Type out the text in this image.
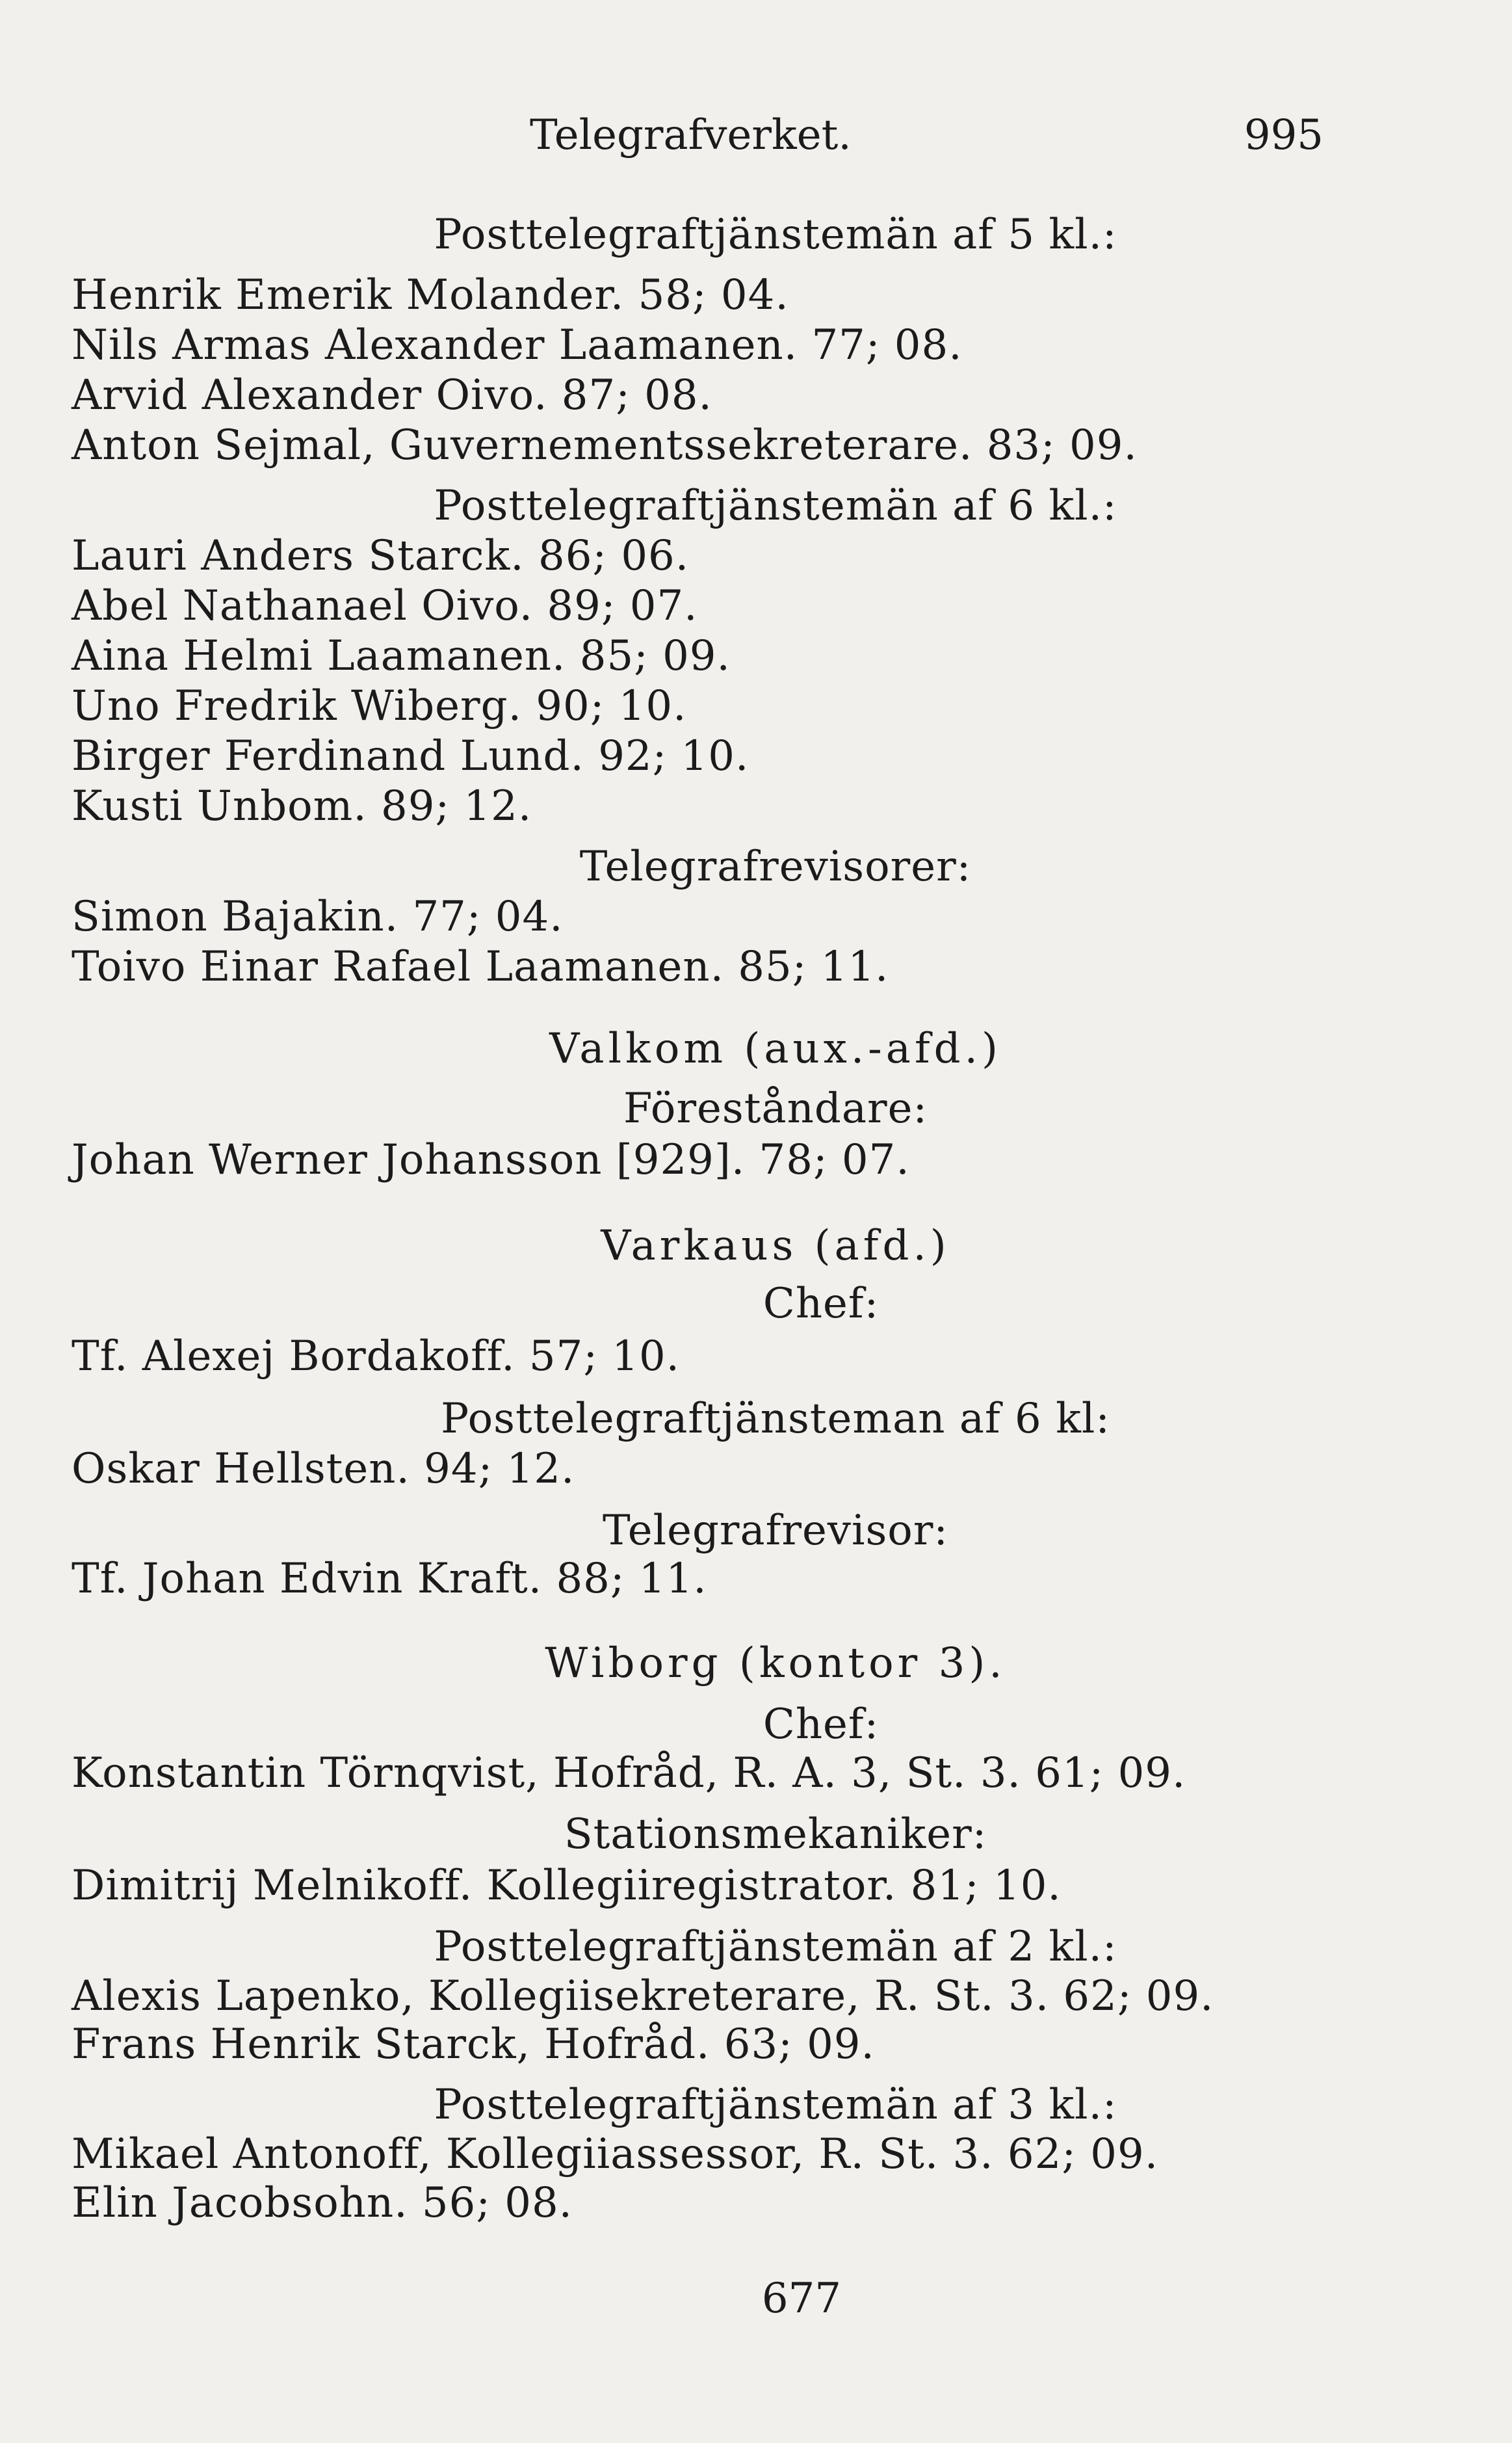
Telegrafverket.	995
Posttelegraftjänstemän af 5 kl.:
Henrik Emerik Molander. 58; 04.
Nils Armas Alexander Laamanen. 77; 08.
Arvid Alexander Oivo. 87; 08.
Anton Sejmal, Guvernementssekreterare. 83; 09.
Posttelegraftjänstemän af 6 kl.:
Lauri Anders Starck. 86; 06.
Abel Nathanael Oivo. 89; 07.
Aina Helmi Laamanen. 85; 09.
Uno Fredrik Wiberg. 90; 10.
Birger Ferdinand Lund. 92; 10.
Kusti Unbom. 89; 12.
Telegrafrevisorer:
Simon Bajakin. 77; 04.
Toivo Einar Rafael Laamanen. 85; 11.
Valkom (aux.-afd.)
Föreståndare:
Johan Werner Johansson [929]. 78; 07.
Varkaus (afd.)
Chef:
Tf. Alexej Bordakoff. 57; 10.
Posttelegraftjänsteman af 6 kl:
Oskar Hellsten. 94; 12.
Telegrafrevisor:
Tf. Johan Edvin Kraft. 88; 11.
Wiborg (kontor 3).
Chef:
Konstantin Törnqvist, Hofråd, R. A. 3, St. 3. 61; 09.
Stationsmekaniker:
Dimitrij Melnikoff. Kollegiiregistrator. 81; 10.
Posttelegraftjänstemän af 2 kl.:
Alexis Lapenko, Kollegiisekreterare, R. St. 3. 62; 09.
Frans Henrik Starck, Hofråd. 63; 09.
Posttelegraftjänstemän af 3 kl.:
Mikael Antonoff, Kollegiiassessor, R. St. 3. 62; 09.
Elin Jacobsohn. 56; 08.
677
